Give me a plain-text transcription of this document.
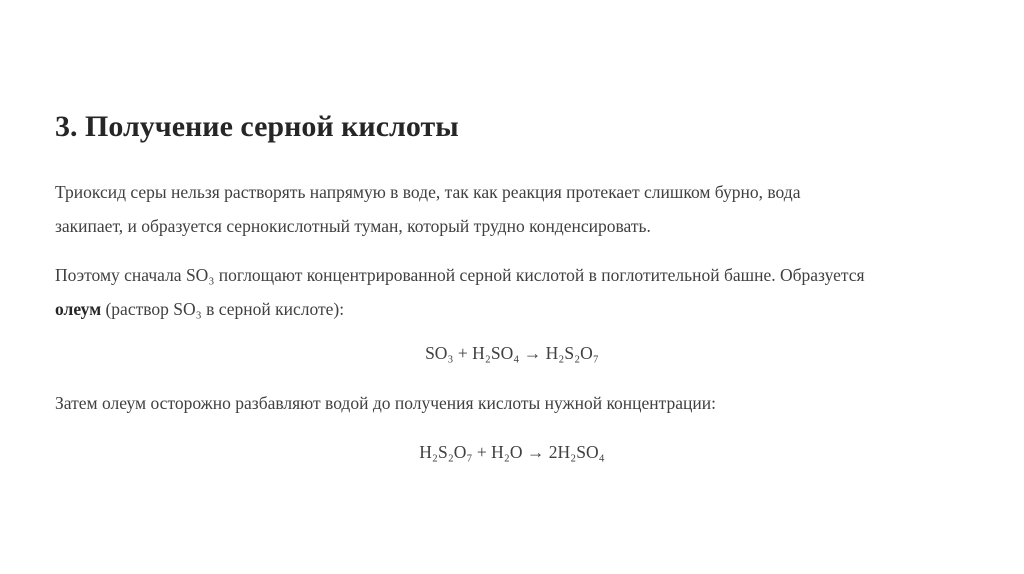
3. Получение серной кислоты

Триоксид серы нельзя растворять напрямую в воде, так как реакция протекает слишком бурно, вода
закипает, и образуется сернокислотный туман, который трудно конденсировать.

Поэтому сначала SO₃ поглощают концентрированной серной кислотой в поглотительной башне. Образуется
олеум (раствор SO₃ в серной кислоте):

SO₃ + H₂SO₄ → H₂S₂O₇

Затем олеум осторожно разбавляют водой до получения кислоты нужной концентрации:

H₂S₂O₇ + H₂O → 2H₂SO₄
